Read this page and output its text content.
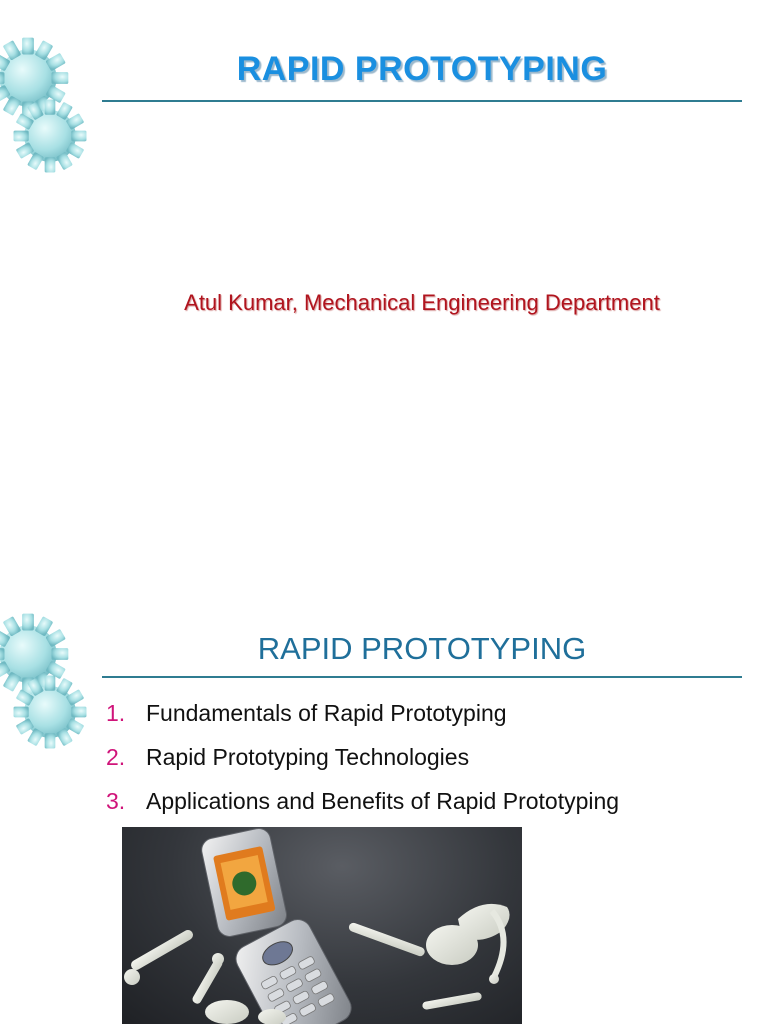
RAPID PROTOTYPING
Atul Kumar, Mechanical Engineering Department
RAPID PROTOTYPING
1. Fundamentals of Rapid Prototyping
2. Rapid Prototyping Technologies
3. Applications and Benefits of Rapid Prototyping
